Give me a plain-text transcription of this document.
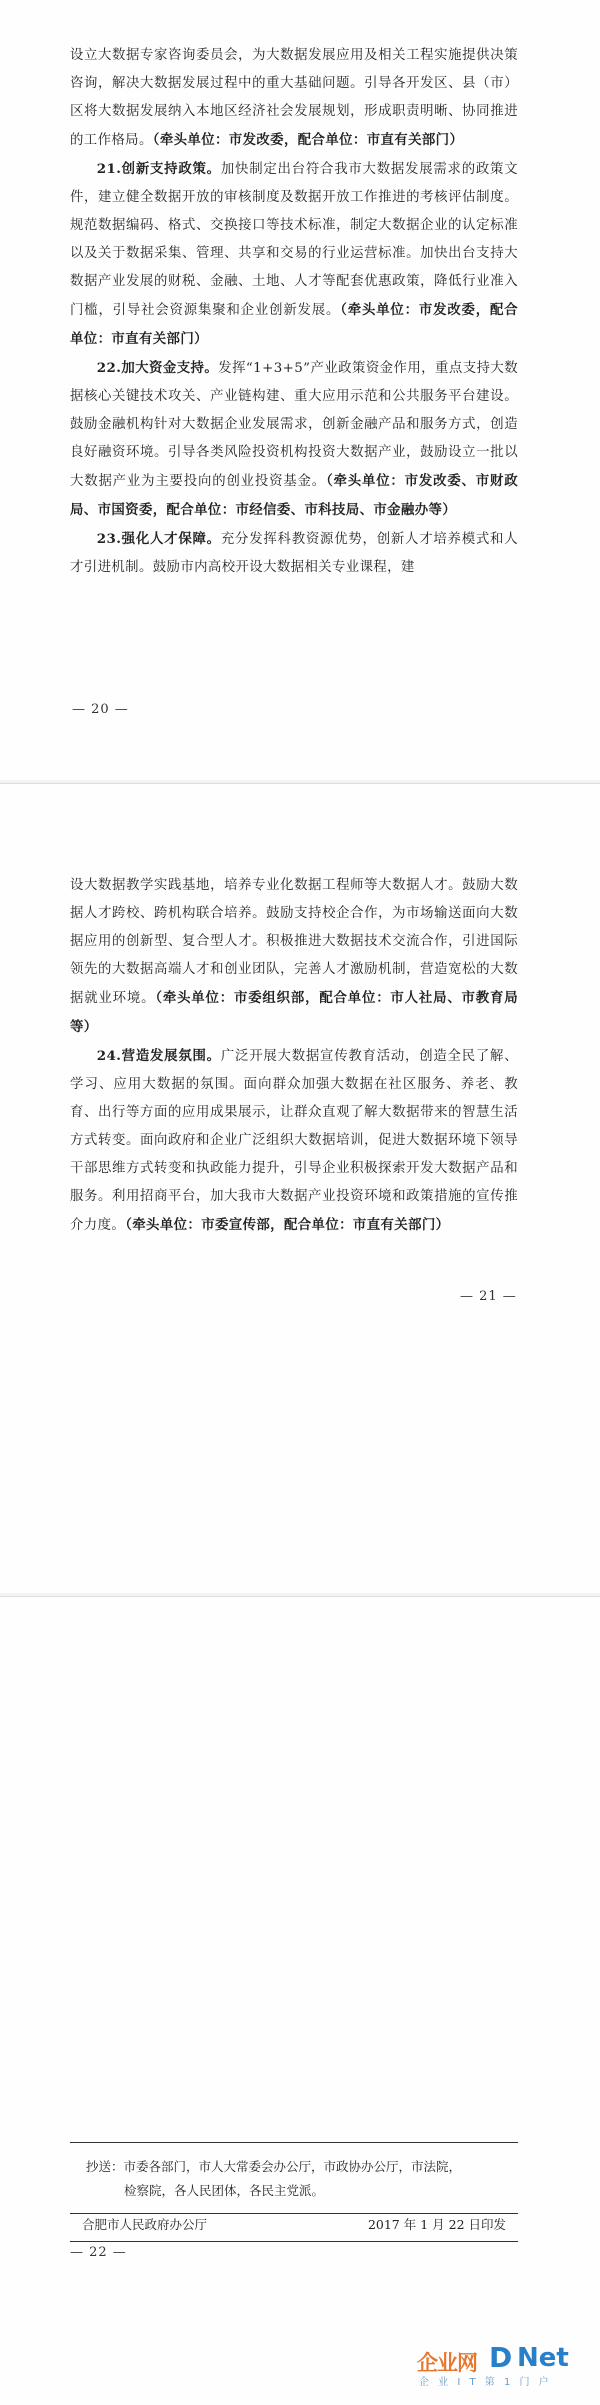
设立大数据专家咨询委员会，为大数据发展应用及相关工程实施提供决策咨询，解决大数据发展过程中的重大基础问题。引导各开发区、县（市）区将大数据发展纳入本地区经济社会发展规划，形成职责明晰、协同推进的工作格局。（牵头单位：市发改委，配合单位：市直有关部门）

21.创新支持政策。加快制定出台符合我市大数据发展需求的政策文件，建立健全数据开放的审核制度及数据开放工作推进的考核评估制度。规范数据编码、格式、交换接口等技术标准，制定大数据企业的认定标准以及关于数据采集、管理、共享和交易的行业运营标准。加快出台支持大数据产业发展的财税、金融、土地、人才等配套优惠政策，降低行业准入门槛，引导社会资源集聚和企业创新发展。（牵头单位：市发改委，配合单位：市直有关部门）

22.加大资金支持。发挥“1+3+5”产业政策资金作用，重点支持大数据核心关键技术攻关、产业链构建、重大应用示范和公共服务平台建设。鼓励金融机构针对大数据企业发展需求，创新金融产品和服务方式，创造良好融资环境。引导各类风险投资机构投资大数据产业，鼓励设立一批以大数据产业为主要投向的创业投资基金。（牵头单位：市发改委、市财政局、市国资委，配合单位：市经信委、市科技局、市金融办等）

23.强化人才保障。充分发挥科教资源优势，创新人才培养模式和人才引进机制。鼓励市内高校开设大数据相关专业课程，建

— 20 —

设大数据教学实践基地，培养专业化数据工程师等大数据人才。鼓励大数据人才跨校、跨机构联合培养。鼓励支持校企合作，为市场输送面向大数据应用的创新型、复合型人才。积极推进大数据技术交流合作，引进国际领先的大数据高端人才和创业团队，完善人才激励机制，营造宽松的大数据就业环境。（牵头单位：市委组织部，配合单位：市人社局、市教育局等）

24.营造发展氛围。广泛开展大数据宣传教育活动，创造全民了解、学习、应用大数据的氛围。面向群众加强大数据在社区服务、养老、教育、出行等方面的应用成果展示，让群众直观了解大数据带来的智慧生活方式转变。面向政府和企业广泛组织大数据培训，促进大数据环境下领导干部思维方式转变和执政能力提升，引导企业积极探索开发大数据产品和服务。利用招商平台，加大我市大数据产业投资环境和政策措施的宣传推介力度。（牵头单位：市委宣传部，配合单位：市直有关部门）

— 21 —
抄送：市委各部门，市人大常委会办公厅，市政协办公厅，市法院，
检察院，各人民团体，各民主党派。
合肥市人民政府办公厅	2017 年 1 月 22 日印发
— 22 —
企业网 D Net
企 业 I T 第 1 门 户
